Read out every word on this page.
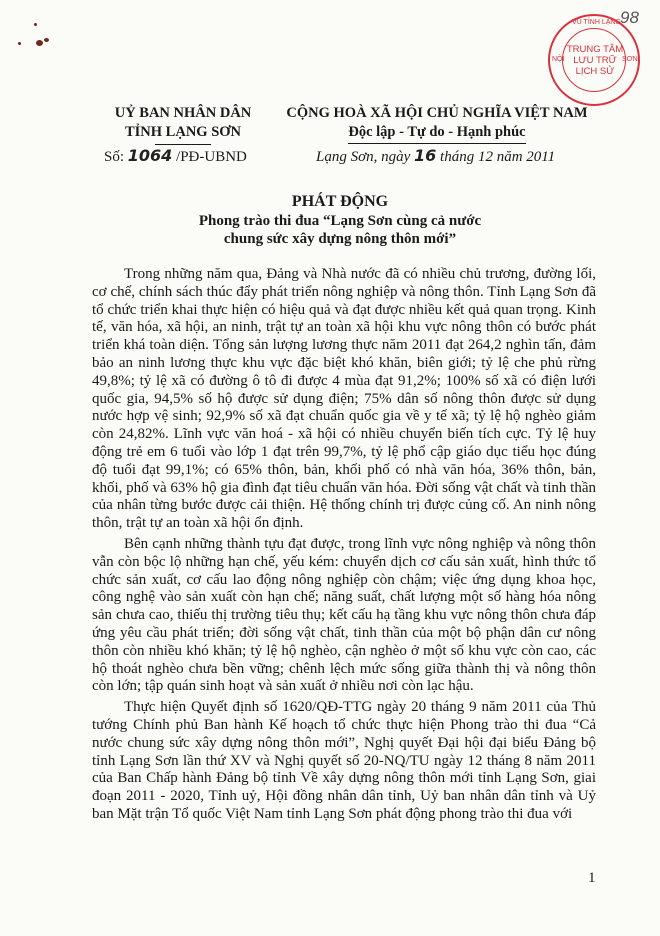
VŨ TỈNH LẠNG
NỘI	SƠN
TRUNG TÂM
LƯU TRỮ
LỊCH SỬ
98
UỶ BAN NHÂN DÂN
TỈNH LẠNG SƠN
CỘNG HOÀ XÃ HỘI CHỦ NGHĨA VIỆT NAM
Độc lập - Tự do - Hạnh phúc
Số: 1064 /PĐ-UBND	Lạng Sơn, ngày 16 tháng 12 năm 2011
PHÁT ĐỘNG
Phong trào thi đua “Lạng Sơn cùng cả nước
chung sức xây dựng nông thôn mới”

Trong những năm qua, Đảng và Nhà nước đã có nhiều chủ trương, đường lối, cơ chế, chính sách thúc đẩy phát triển nông nghiệp và nông thôn. Tỉnh Lạng Sơn đã tổ chức triển khai thực hiện có hiệu quả và đạt được nhiều kết quả quan trọng. Kinh tế, văn hóa, xã hội, an ninh, trật tự an toàn xã hội khu vực nông thôn có bước phát triển khá toàn diện. Tổng sản lượng lương thực năm 2011 đạt 264,2 nghìn tấn, đảm bảo an ninh lương thực khu vực đặc biệt khó khăn, biên giới; tỷ lệ che phủ rừng 49,8%; tỷ lệ xã có đường ô tô đi được 4 mùa đạt 91,2%; 100% số xã có điện lưới quốc gia, 94,5% số hộ được sử dụng điện; 75% dân số nông thôn được sử dụng nước hợp vệ sinh; 92,9% số xã đạt chuẩn quốc gia về y tế xã; tỷ lệ hộ nghèo giảm còn 24,82%. Lĩnh vực văn hoá - xã hội có nhiều chuyển biến tích cực. Tỷ lệ huy động trẻ em 6 tuổi vào lớp 1 đạt trên 99,7%, tỷ lệ phổ cập giáo dục tiểu học đúng độ tuổi đạt 99,1%; có 65% thôn, bản, khối phố có nhà văn hóa, 36% thôn, bản, khối, phố và 63% hộ gia đình đạt tiêu chuẩn văn hóa. Đời sống vật chất và tinh thần của nhân từng bước được cải thiện. Hệ thống chính trị được củng cố. An ninh nông thôn, trật tự an toàn xã hội ổn định.

Bên cạnh những thành tựu đạt được, trong lĩnh vực nông nghiệp và nông thôn vẫn còn bộc lộ những hạn chế, yếu kém: chuyển dịch cơ cấu sản xuất, hình thức tổ chức sản xuất, cơ cấu lao động nông nghiệp còn chậm; việc ứng dụng khoa học, công nghệ vào sản xuất còn hạn chế; năng suất, chất lượng một số hàng hóa nông sản chưa cao, thiếu thị trường tiêu thụ; kết cấu hạ tầng khu vực nông thôn chưa đáp ứng yêu cầu phát triển; đời sống vật chất, tinh thần của một bộ phận dân cư nông thôn còn nhiều khó khăn; tỷ lệ hộ nghèo, cận nghèo ở một số khu vực còn cao, các hộ thoát nghèo chưa bền vững; chênh lệch mức sống giữa thành thị và nông thôn còn lớn; tập quán sinh hoạt và sản xuất ở nhiều nơi còn lạc hậu.

Thực hiện Quyết định số 1620/QĐ-TTG ngày 20 tháng 9 năm 2011 của Thủ tướng Chính phủ Ban hành Kế hoạch tổ chức thực hiện Phong trào thi đua “Cả nước chung sức xây dựng nông thôn mới”, Nghị quyết Đại hội đại biểu Đảng bộ tỉnh Lạng Sơn lần thứ XV và Nghị quyết số 20-NQ/TU ngày 12 tháng 8 năm 2011 của Ban Chấp hành Đảng bộ tỉnh Về xây dựng nông thôn mới tỉnh Lạng Sơn, giai đoạn 2011 - 2020, Tỉnh uỷ, Hội đồng nhân dân tỉnh, Uỷ ban nhân dân tỉnh và Uỷ ban Mặt trận Tổ quốc Việt Nam tỉnh Lạng Sơn phát động phong trào thi đua với

1
